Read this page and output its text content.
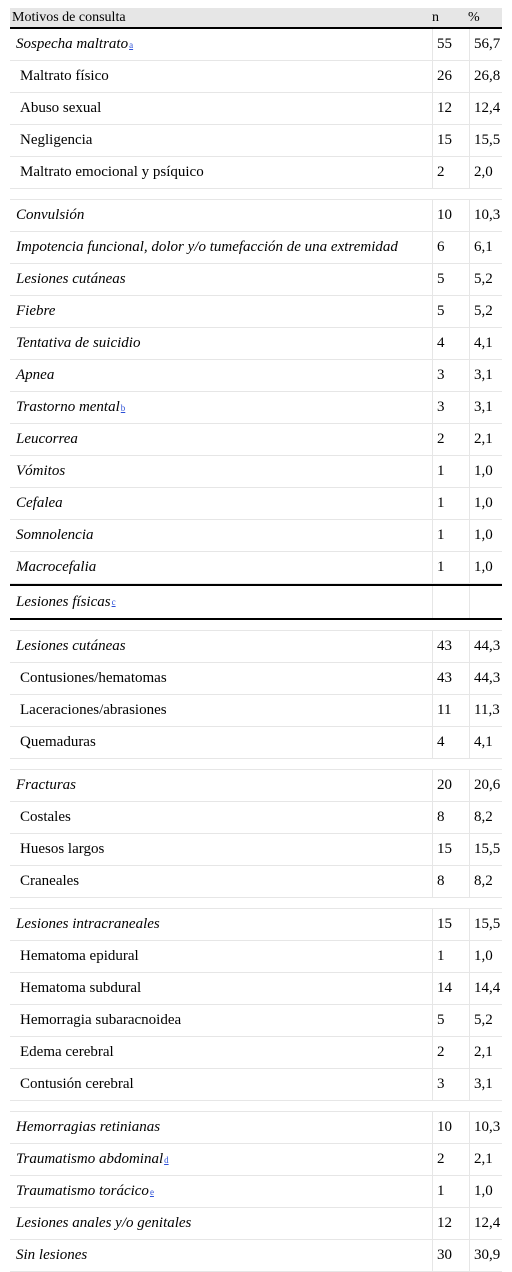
Motivos de consulta	n %
Sospecha maltrato a	55 56,7
Maltrato físico	26 26,8
Abuso sexual	12 12,4
Negligencia	15 15,5
Maltrato emocional y psíquico	2 2,0
Convulsión	10 10,3
Impotencia funcional, dolor y/o tumefacción de una extremidad	6 6,1
Lesiones cutáneas	5 5,2
Fiebre	5 5,2
Tentativa de suicidio	4 4,1
Apnea	3 3,1
Trastorno mental b	3 3,1
Leucorrea	2 2,1
Vómitos	1 1,0
Cefalea	1 1,0
Somnolencia	1 1,0
Macrocefalia	1 1,0
Lesiones físicas c
Lesiones cutáneas	43 44,3
Contusiones/hematomas	43 44,3
Laceraciones/abrasiones	11 11,3
Quemaduras	4 4,1
Fracturas	20 20,6
Costales	8 8,2
Huesos largos	15 15,5
Craneales	8 8,2
Lesiones intracraneales	15 15,5
Hematoma epidural	1 1,0
Hematoma subdural	14 14,4
Hemorragia subaracnoidea	5 5,2
Edema cerebral	2 2,1
Contusión cerebral	3 3,1
Hemorragias retinianas	10 10,3
Traumatismo abdominal d	2 2,1
Traumatismo torácico e	1 1,0
Lesiones anales y/o genitales	12 12,4
Sin lesiones	30 30,9
